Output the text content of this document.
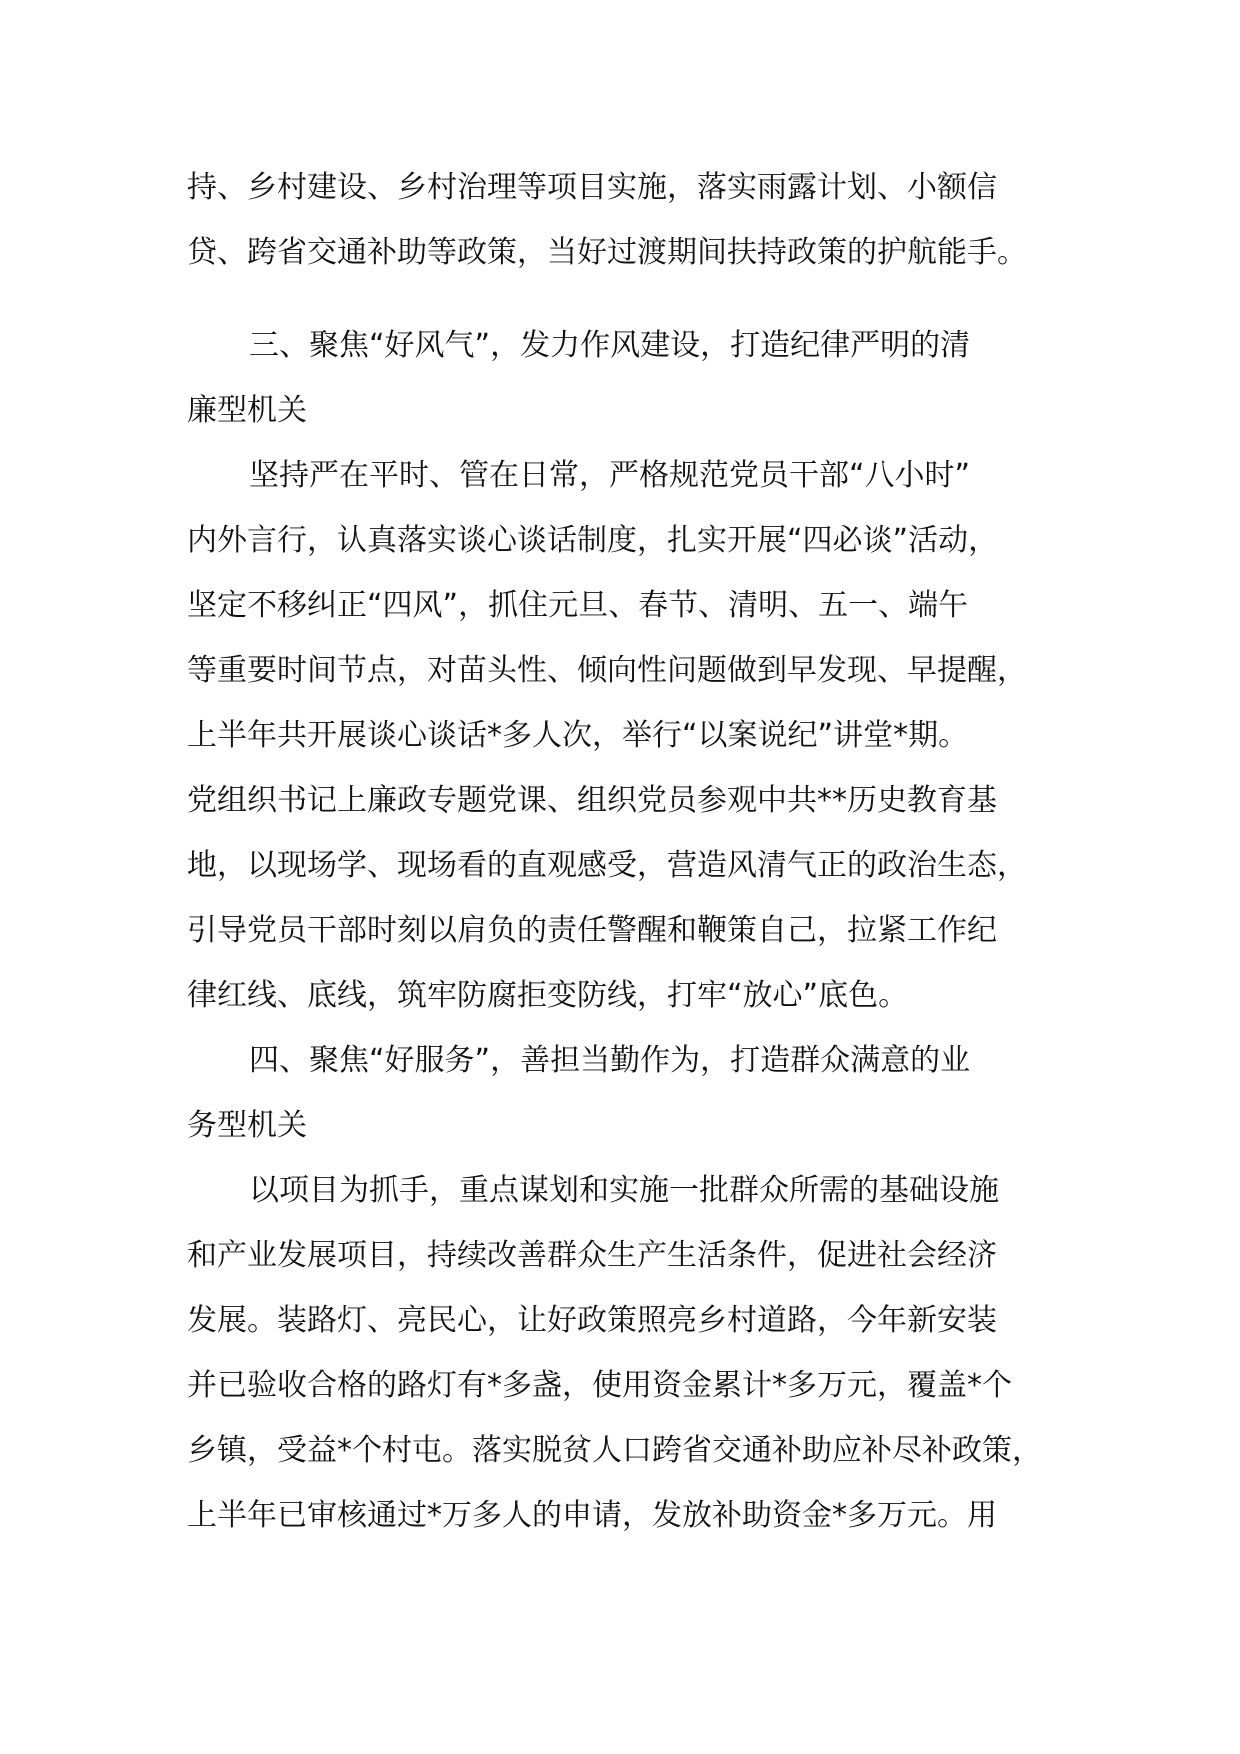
持、乡村建设、乡村治理等项目实施，落实雨露计划、小额信
贷、跨省交通补助等政策，当好过渡期间扶持政策的护航能手。
三、聚焦“好风气”，发力作风建设，打造纪律严明的清
廉型机关
坚持严在平时、管在日常，严格规范党员干部“八小时”
内外言行，认真落实谈心谈话制度，扎实开展“四必谈”活动，
坚定不移纠正“四风”，抓住元旦、春节、清明、五一、端午
等重要时间节点，对苗头性、倾向性问题做到早发现、早提醒，
上半年共开展谈心谈话*多人次，举行“以案说纪”讲堂*期。
党组织书记上廉政专题党课、组织党员参观中共**历史教育基
地，以现场学、现场看的直观感受，营造风清气正的政治生态，
引导党员干部时刻以肩负的责任警醒和鞭策自己，拉紧工作纪
律红线、底线，筑牢防腐拒变防线，打牢“放心”底色。
四、聚焦“好服务”，善担当勤作为，打造群众满意的业
务型机关
以项目为抓手，重点谋划和实施一批群众所需的基础设施
和产业发展项目，持续改善群众生产生活条件，促进社会经济
发展。装路灯、亮民心，让好政策照亮乡村道路，今年新安装
并已验收合格的路灯有*多盏，使用资金累计*多万元，覆盖*个
乡镇，受益*个村屯。落实脱贫人口跨省交通补助应补尽补政策，
上半年已审核通过*万多人的申请，发放补助资金*多万元。用
